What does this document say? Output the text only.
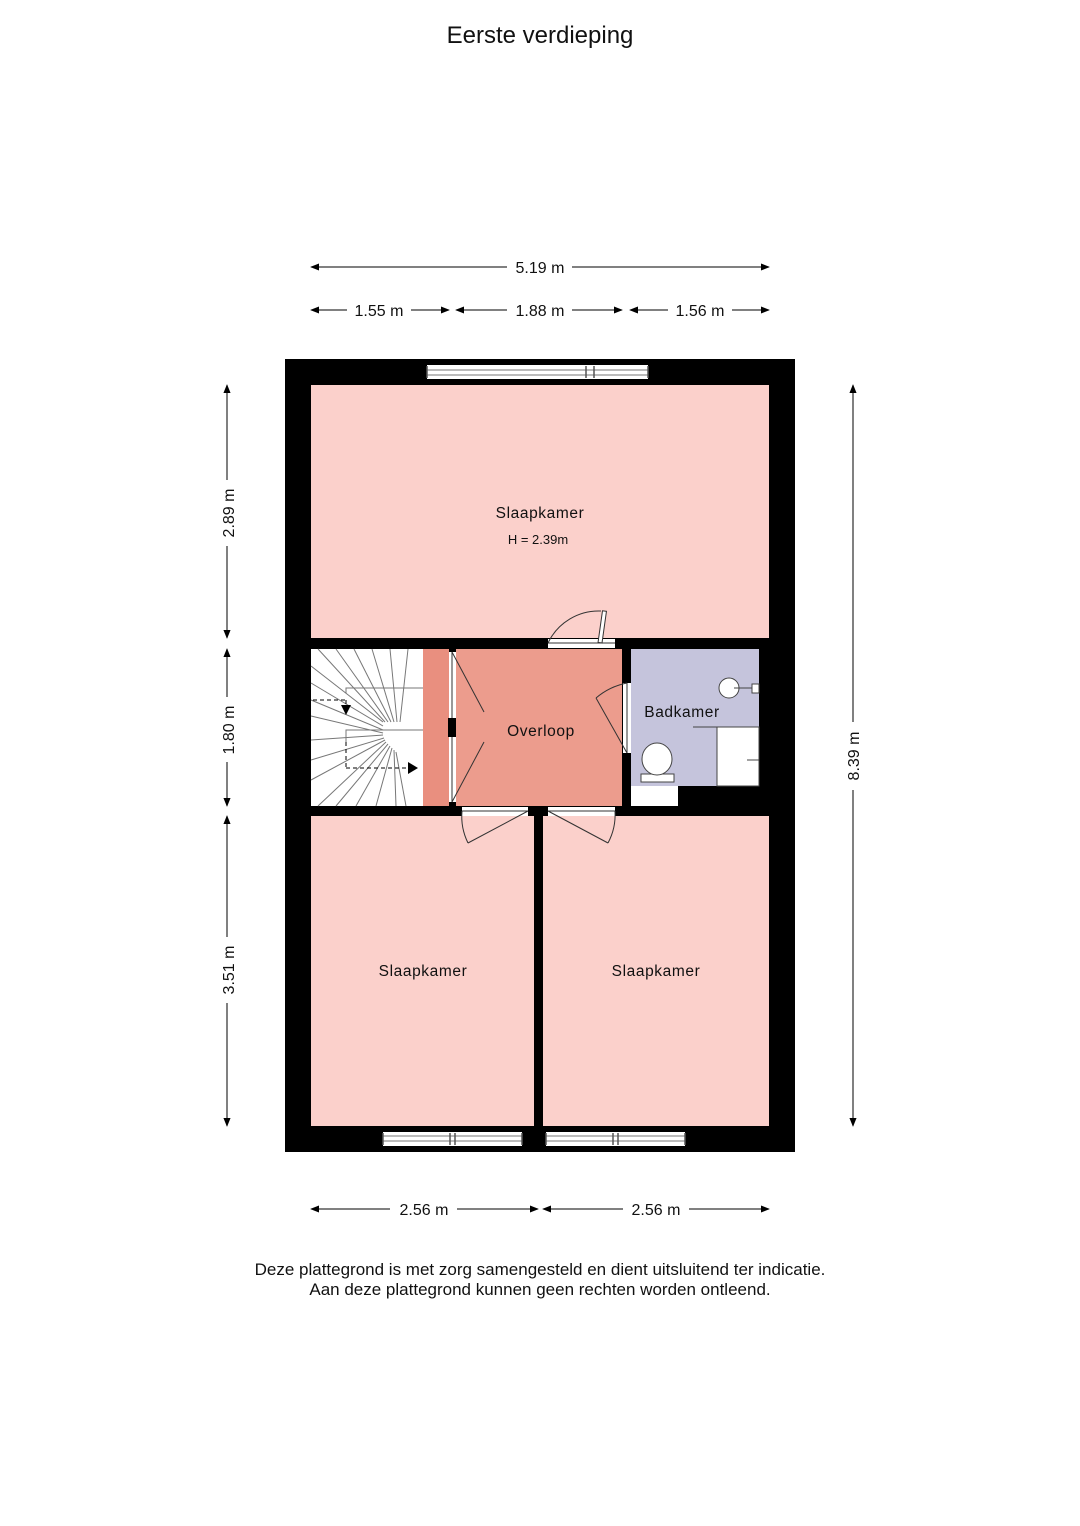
Eerste verdieping
Slaapkamer
H = 2.39m
Overloop
Badkamer
Slaapkamer	Slaapkamer
5.19 m
1.55 m	1.88 m	1.56 m
2.89 m
1.80 m
3.51 m
8.39 m
2.56 m	2.56 m
Deze plattegrond is met zorg samengesteld en dient uitsluitend ter indicatie.
Aan deze plattegrond kunnen geen rechten worden ontleend.
